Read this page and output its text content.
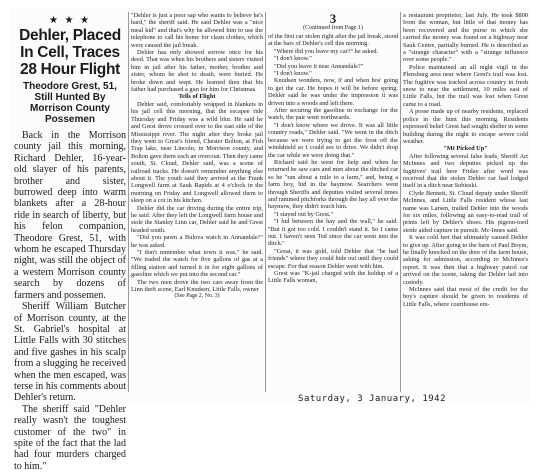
★ ★ ★
Dehler, Placed In Cell, Traces 28 Hour Flight
Theodore Grest, 51, Still Hunted By Morrison County Possemen

Back in the Morrison county jail this morning, Richard Dehler, 16-year-old slayer of his parents, brother and sister, burrowed deep into warm blankets after a 28-hour ride in search of liberty, but his felon companion, Theodore Grest, 51, with whom he escaped Thursday night, was still the object of a western Morrison county search by dozens of farmers and possemen.

Sheriff William Butcher of Morrison county, at the St. Gabriel's hospital at Little Falls with 30 stitches and five gashes in his scalp from a slugging he received when the men escaped, was terse in his comments about Dehler's return.

The sheriff said "Dehler really wasn't the toughest customer of the two" in spite of the fact that the lad had four murders charged to him."

"Dehler is just a poor sap who wants to believe he's hard," the sheriff said. He said Dehler was a "nice meal kid" and that's why he allowed him to use the telephone to call his home for clean clothes, which were caused the jail break.

Dehler has only showed sorrow once for his deed. That was when his brothers and sisters visited him in jail after his father, mother, brother and sister, whom he shot to death, were buried. He broke down and wept. He learned then that his father had purchased a gun for him for Christmas.

Tells of Flight

Dehler said, comfortably wrapped in blankets in his jail cell this morning, that the escapee ride Thursday and Friday was a wild blur. He said he and Grest drove crossed over to the east side of the Mississippi river. The night after they broke jail they went to Grest's friend, Chester Bolton, at Fish Trap lake, near Lincoln, in Morrison county, and Bolton gave them each an overcoat. Then they came south, St. Cloud, Dehler said, was a scene of railroad tracks. He doesn't remember anything else about it. The youth said they arrived at the Frank Longwell farm at Sauk Rapids at 4 o'clock in the morning on Friday and Longwell allowed them to sleep on a cot in his kitchen.

Dehler did the car driving during the entire trip, he said. After they left the Longwell farm house and stole the Stanley Linn car, Dehler said he and Grest headed south.

"Did you pawn a Bulova watch in Annandale?" he was asked.

"I don't remember what town it was," he said. "We traded the watch for five gallons of gas at a filling station and turned it in for eight gallons of gasoline which we put into the second car."

The two men drove the two cars away from the Linn theft scene, Earl Knudsen, Little Falls, owner

(See Page 2, No. 3)

3
(Continued from Page 1)

of the first car stolen right after the jail break, stood at the bars of Dehler's cell this morning.

"Where did you leave my car?" he asked.

"I don't know."

"Did you leave it near Annandale?"

"I don't know."

Knudsen wonders, now, if and when hos' going to get the car. He hopes it will be before spring. Dehler said he was under the impression it was driven into a woods and left there.

After securing the gasoline in exchange for the watch, the pair went northwards.

"I don't know where we drove. It was all little country roads," Dehler said. "We went in the ditch because we were trying to get the frost off the windshield so I could see to drive. We didn't drop the car while we were doing that."

Richard said he went for help and when he returned he saw cars and men about the ditched car so he "ran about a mile to a farm," and, being a farm boy, hid in the haymow. Searchers went through Sheriffs and deputies visited several times and rammed pitchforks through the hay all over the haymow, they didn't touch him.

"I stayed out by Grest."

"I hid between the hay and the wall," he said. "But it got too cold. I couldn't stand it. So I came out. I haven't seen Ted since the car went into the ditch."

"Great, it was gold, told Dehler that "he had friends" where they could hide out until they could escape. For that reason Dehler went with him.

Grest was "K-jail charged with the holdup of a Little Falls woman,

a restaurant proprietor, last July. He took $800 from the woman, but little of that money has been recovered and the purse in which she carried the money was found on a highway near Sauk Centre, partially burned. He is described as a "strange character" with a "strange influence over some people."

Police maintained an all night vigil in the Plensburg area near where Grest's trail was lost. The fugitive was tracked across country in fresh snow to near the settlement, 10 miles east of Little Falls, but the trail was lost when Grest came to a road.

A posse made up of nearby residents, replaced police in the hunt this morning. Residents expressed belief Grest had sought shelter in some building during the night to escape severe cold weather.

"Mt Picked Up"

After following several false leads, Sheriff Art McInnes and two deputies picked up the fugitives' trail here Friday after word was received that the stolen Dehler car had lodged itself in a ditch near Sobieski.

Clyde Bennett, St. Cloud deputy under Sheriff McInnes, and Little Falls resident whose last name was Larsen, trailed Dehler into the woods for six miles, following an easy-to-read trail of prints left by Dehler's shoes. His pigeon-toed stride aided capture in pursuit. Mc-Innes said.

It was cold feet that ultimately caused Dehler to give up. After going to the barn of Paul Boym, he finally knocked on the door of the farm house, asking for admission, according to McInnes's report. It was then that a highway patrol car arrived on the scene, taking the Dehler lad into custody.

McInnes said that most of the credit for the boy's capture should be given to residents of Little Falls, where courthouse em-

Saturday, 3 January, 1942
